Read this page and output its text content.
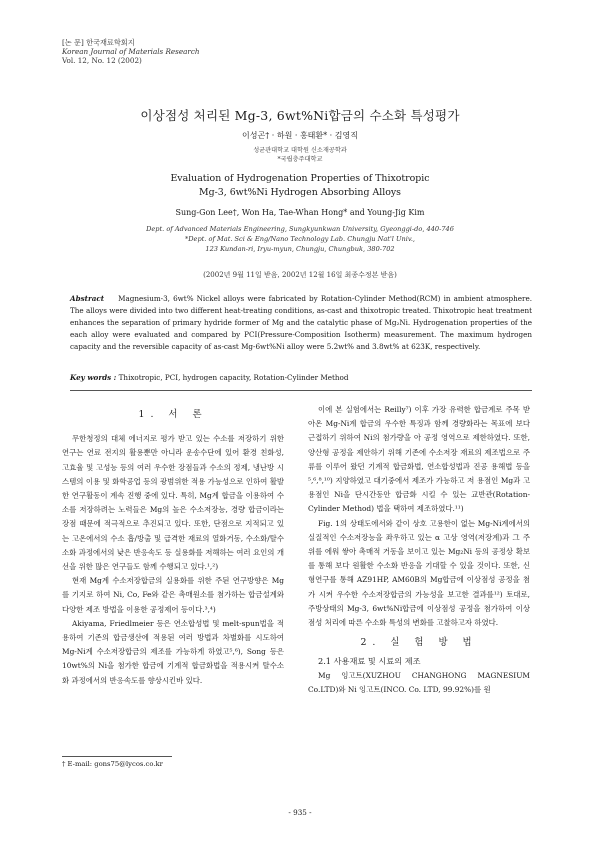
[논 문] 한국재료학회지
Korean Journal of Materials Research
Vol. 12, No. 12 (2002)
이상점성 처리된 Mg-3, 6wt%Ni합금의 수소화 특성평가
이성곤† · 하원 · 홍태환* · 김영직
성균관대학교 대학원 신소재공학과
*국립충주대학교
Evaluation of Hydrogenation Properties of Thixotropic
Mg-3, 6wt%Ni Hydrogen Absorbing Alloys
Sung-Gon Lee†, Won Ha, Tae-Whan Hong* and Young-Jig Kim
Dept. of Advanced Materials Engineering, Sungkyunkwan University, Gyeonggi-do, 440-746
*Dept. of Mat. Sci & Eng/Nano Technology Lab. Chungju Nat'l Univ.,
123 Kundan-ri, Iryu-myun, Chungju, Chungbuk, 380-702
(2002년 9월 11일 받음, 2002년 12월 16일 최종수정본 받음)
Abstract Magnesium-3, 6wt% Nickel alloys were fabricated by Rotation-Cylinder Method(RCM) in ambient atmosphere. The alloys were divided into two different heat-treating conditions, as-cast and thixotropic treated. Thixotropic heat treatment enhances the separation of primary hydride former of Mg and the catalytic phase of Mg₂Ni. Hydrogenation properties of the each alloy were evaluated and compared by PCI(Pressure-Composition Isotherm) measurement. The maximum hydrogen capacity and the reversible capacity of as-cast Mg-6wt%Ni alloy were 5.2wt% and 3.8wt% at 623K, respectively.
Key words : Thixotropic, PCI, hydrogen capacity, Rotation-Cylinder Method
1. 서 론

무한청정의 대체 에너지로 평가 받고 있는 수소를 저장하기 위한 연구는 연료 전지의 활용뿐만 아니라 운송수단에 있어 환경 친화성, 고효율 및 고성능 등의 여러 우수한 장점들과 수소의 정제, 냉난방 시스템의 이용 및 화학공업 등의 광범위한 적용 가능성으로 인하여 활발한 연구활동이 계속 진행 중에 있다. 특히, Mg계 합금을 이용하여 수소를 저장하려는 노력들은 Mg의 높은 수소저장능, 경량 합금이라는 장점 때문에 적극적으로 추진되고 있다. 또한, 단점으로 지적되고 있는 고온에서의 수소 흡/방출 및 급격한 재료의 열화거동, 수소화/탈수소화 과정에서의 낮은 반응속도 등 실용화를 저해하는 여러 요인의 개선을 위한 많은 연구들도 함께 수행되고 있다.¹,²)

현재 Mg계 수소저장합금의 실용화를 위한 주된 연구방향은 Mg를 기지로 하여 Ni, Co, Fe와 같은 촉매원소를 첨가하는 합금설계와 다양한 제조 방법을 이용한 공정제어 등이다.³,⁴)

Akiyama, Friedlmeier 등은 연소합성법 및 melt-spun법을 적용하여 기존의 합금생산에 적용된 여러 방법과 차별화를 시도하여 Mg-Ni계 수소저장합금의 제조를 가능하게 하였고⁵,⁶), Song 등은 10wt%의 Ni을 첨가한 합금에 기계적 합금화법을 적용시켜 탈수소화 과정에서의 반응속도를 향상시킨바 있다.

이에 본 실험에서는 Reilly⁷) 이후 가장 유력한 합금계로 주목 받아온 Mg-Ni계 합금의 우수한 특징과 함께 경량화라는 목표에 보다 근접하기 위하여 Ni의 첨가량을 아 공정 영역으로 제한하였다. 또한, 양산형 공정을 제안하기 위해 기존에 수소저장 재료의 제조법으로 주류를 이루어 왔던 기계적 합금화법, 연소합성법과 진공 용해법 등을⁵,⁶,⁸,¹⁰) 지양하였고 대기중에서 제조가 가능하고 저 용점인 Mg과 고 용점인 Ni을 단시간동안 합금화 시킬 수 있는 교반관(Rotation-Cylinder Method) 법을 택하여 제조하였다.¹¹)

Fig. 1의 상태도에서와 같이 상호 고용한이 없는 Mg-Ni계에서의 실질적인 수소저장능을 좌우하고 있는 α 고상 영역(저장계)과 그 주위를 에워 쌓아 촉매적 거동을 보이고 있는 Mg₂Ni 등의 공정상 확보를 통해 보다 원활한 수소화 반응을 기대할 수 있을 것이다. 또한, 신형연구를 통해 AZ91HP, AM60B의 Mg합금에 이상점성 공정을 첨가 시켜 우수한 수소저장합금의 가능성을 보고한 결과를¹²) 토대로, 주방상태의 Mg-3, 6wt%Ni합금에 이상점성 공정을 첨가하여 이상점성 처리에 따른 수소화 특성의 변화를 고찰하고자 하였다.

2. 실 험 방 법

2.1 사용재료 및 시료의 제조

Mg 잉고트(XUZHOU CHANGHONG MAGNESIUM Co.LTD)와 Ni 잉고트(INCO. Co. LTD, 99.92%)를 원

† E-mail: gons75@lycos.co.kr
- 935 -
